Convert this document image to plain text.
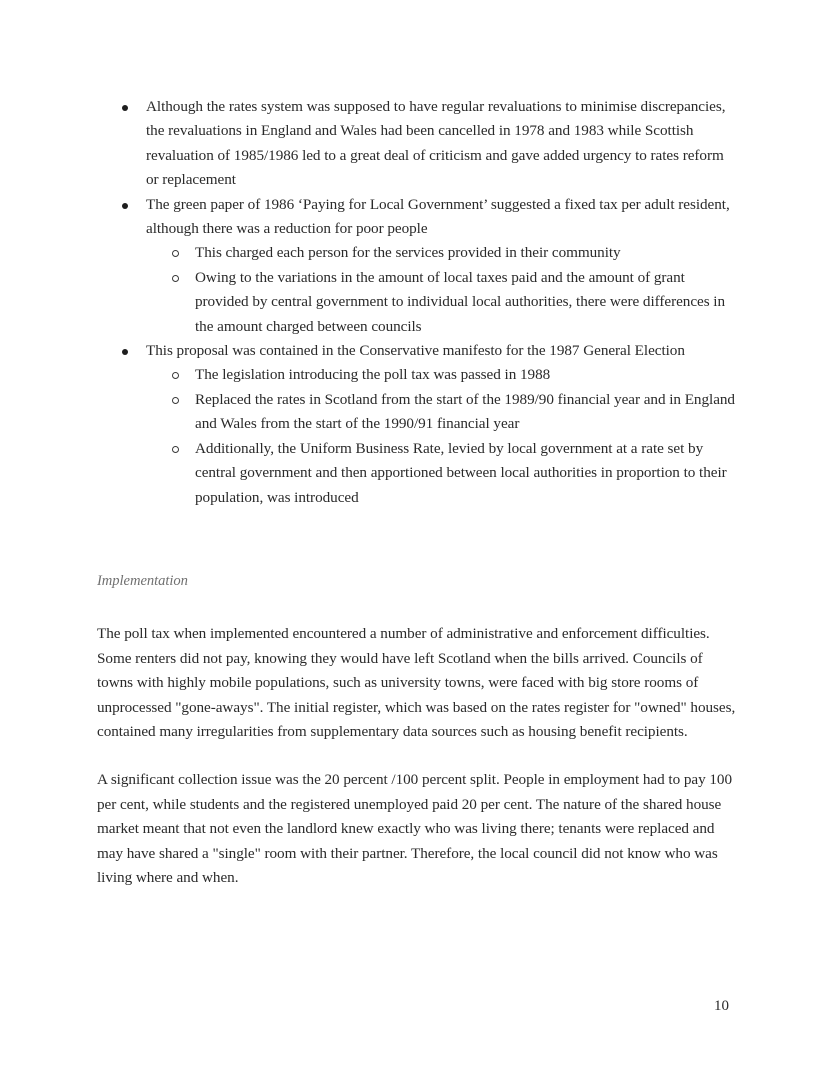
Although the rates system was supposed to have regular revaluations to minimise discrepancies, the revaluations in England and Wales had been cancelled in 1978 and 1983 while Scottish revaluation of 1985/1986 led to a great deal of criticism and gave added urgency to rates reform or replacement
The green paper of 1986 ‘Paying for Local Government’ suggested a fixed tax per adult resident, although there was a reduction for poor people
This charged each person for the services provided in their community
Owing to the variations in the amount of local taxes paid and the amount of grant provided by central government to individual local authorities, there were differences in the amount charged between councils
This proposal was contained in the Conservative manifesto for the 1987 General Election
The legislation introducing the poll tax was passed in 1988
Replaced the rates in Scotland from the start of the 1989/90 financial year and in England and Wales from the start of the 1990/91 financial year
Additionally, the Uniform Business Rate, levied by local government at a rate set by central government and then apportioned between local authorities in proportion to their population, was introduced
Implementation

The poll tax when implemented encountered a number of administrative and enforcement difficulties. Some renters did not pay, knowing they would have left Scotland when the bills arrived. Councils of towns with highly mobile populations, such as university towns, were faced with big store rooms of unprocessed "gone-aways". The initial register, which was based on the rates register for "owned" houses, contained many irregularities from supplementary data sources such as housing benefit recipients.

A significant collection issue was the 20 percent /100 percent split. People in employment had to pay 100 per cent, while students and the registered unemployed paid 20 per cent. The nature of the shared house market meant that not even the landlord knew exactly who was living there; tenants were replaced and may have shared a "single" room with their partner. Therefore, the local council did not know who was living where and when.

10
